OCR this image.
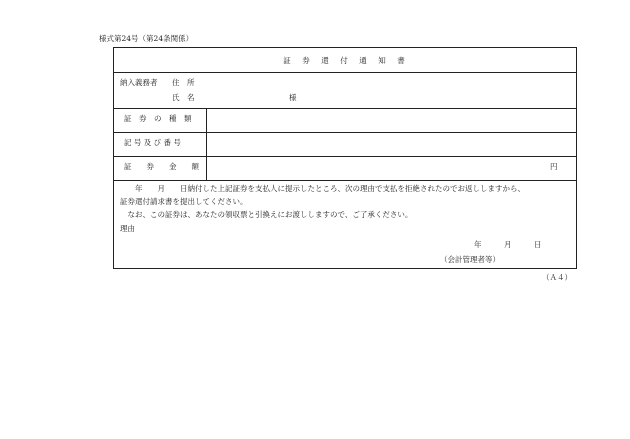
様式第24号（第24条関係）
証　券　還　付　通　知　書
納入義務者 住　所
氏　名	様
証　券　の　種　類
記 号 及 び 番 号
証　　券　　金　　額	円
　　年　　月　　日納付した上記証券を支払人に提示したところ、次の理由で支払を拒絶されたのでお返ししますから、
証券還付請求書を提出してください。
　なお、この証券は、あなたの領収票と引換えにお渡ししますので、ご了承ください。
理由
年　　　月　　　日
（会計管理者等）
（Ａ４）
